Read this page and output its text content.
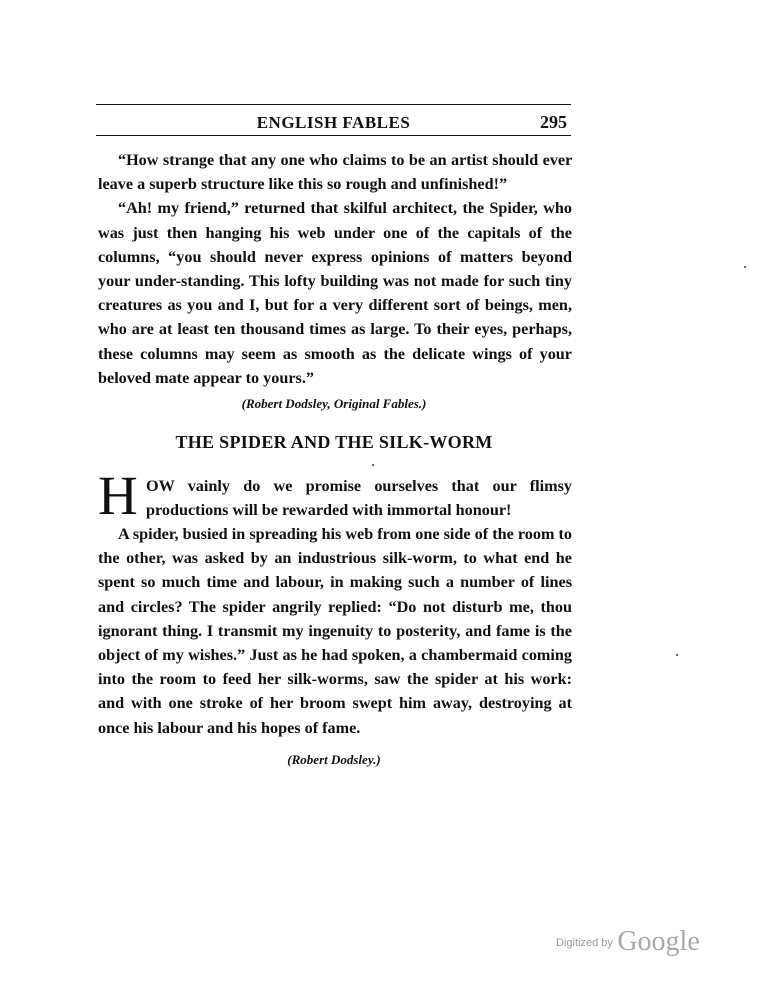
ENGLISH FABLES	295

“How strange that any one who claims to be an artist should ever leave a superb structure like this so rough and unfinished!”

“Ah! my friend,” returned that skilful architect, the Spider, who was just then hanging his web under one of the capitals of the columns, “you should never express opinions of matters beyond your under-standing. This lofty building was not made for such tiny creatures as you and I, but for a very different sort of beings, men, who are at least ten thousand times as large. To their eyes, perhaps, these columns may seem as smooth as the delicate wings of your beloved mate appear to yours.”

(Robert Dodsley, Original Fables.)
THE SPIDER AND THE SILK-WORM
H OW vainly do we promise ourselves that our flimsy productions will be rewarded with immortal honour!

A spider, busied in spreading his web from one side of the room to the other, was asked by an industrious silk-worm, to what end he spent so much time and labour, in making such a number of lines and circles? The spider angrily replied: “Do not disturb me, thou ignorant thing. I transmit my ingenuity to posterity, and fame is the object of my wishes.” Just as he had spoken, a chambermaid coming into the room to feed her silk-worms, saw the spider at his work: and with one stroke of her broom swept him away, destroying at once his labour and his hopes of fame.

(Robert Dodsley.)
$^{Digitized by}$ Google
